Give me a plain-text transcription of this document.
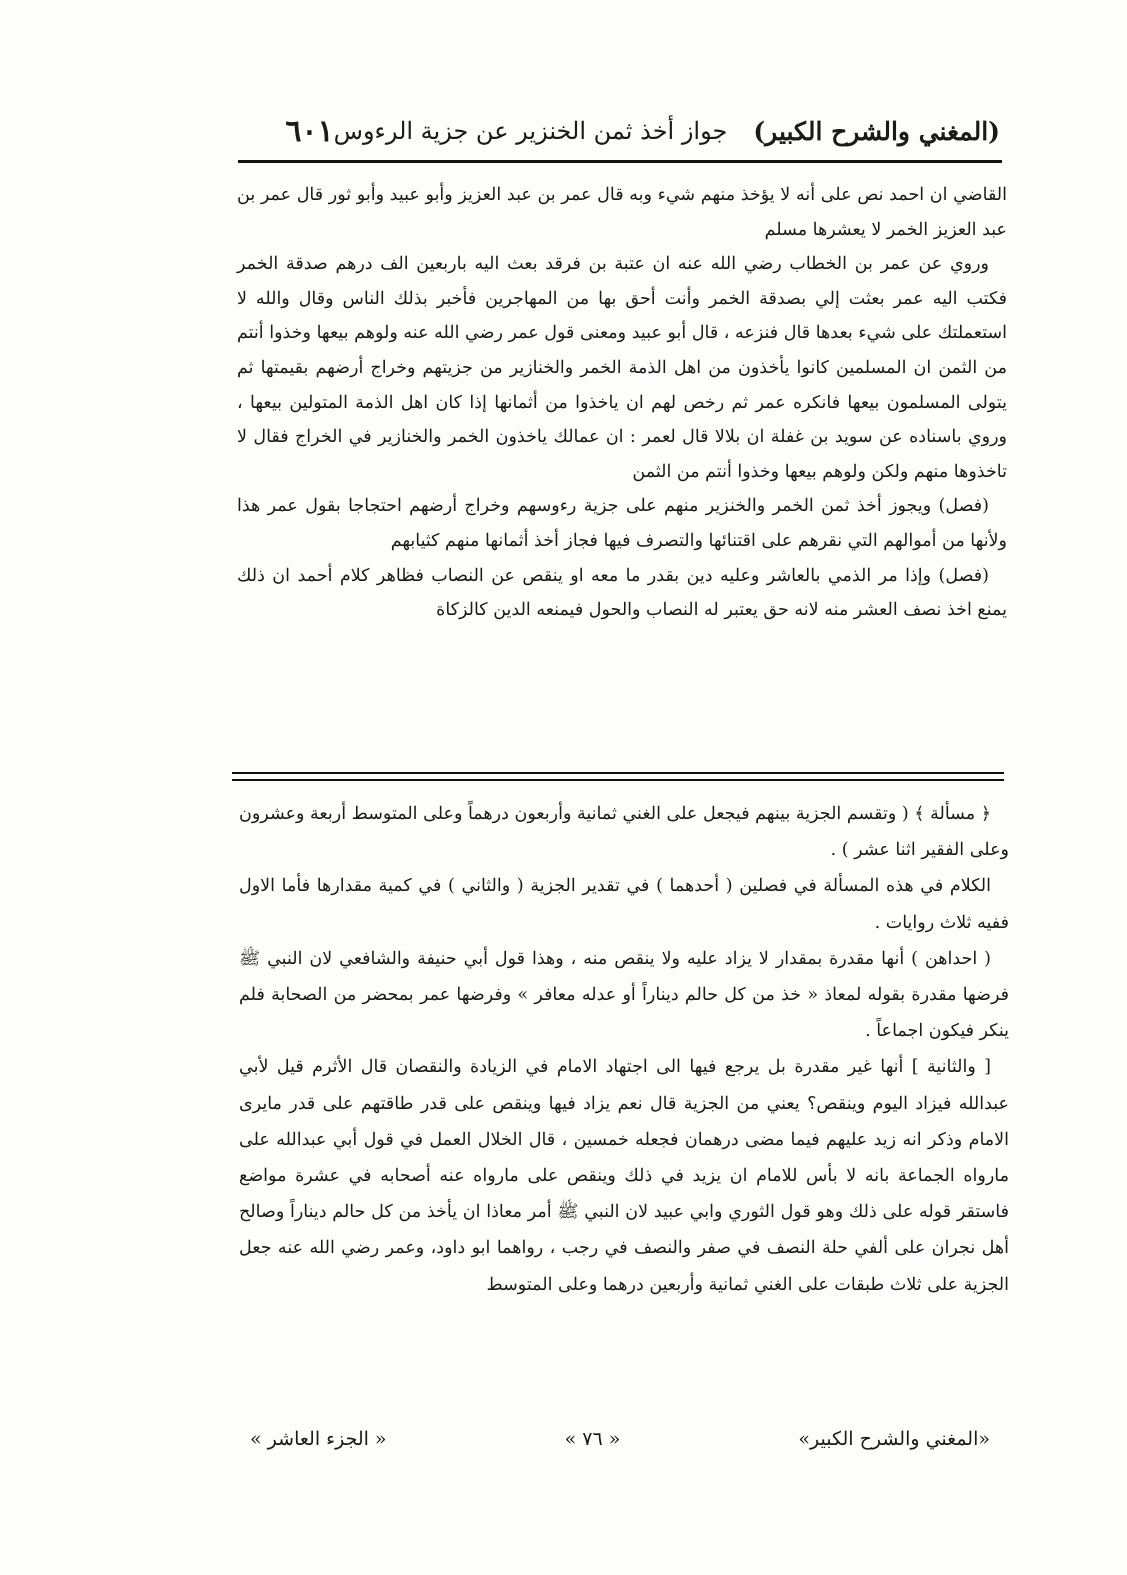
(المغني والشرح الكبير)
جواز أخذ ثمن الخنزير عن جزية الرءوس
٦٠١

القاضي ان احمد نص على أنه لا يؤخذ منهم شيء وبه قال عمر بن عبد العزيز وأبو عبيد وأبو ثور قال عمر بن عبد العزيز الخمر لا يعشرها مسلم

وروي عن عمر بن الخطاب رضي الله عنه ان عتبة بن فرقد بعث اليه باربعين الف درهم صدقة الخمر فكتب اليه عمر بعثت إلي بصدقة الخمر وأنت أحق بها من المهاجرين فأخبر بذلك الناس وقال والله لا استعملتك على شيء بعدها قال فنزعه ، قال أبو عبيد ومعنى قول عمر رضي الله عنه ولوهم بيعها وخذوا أنتم من الثمن ان المسلمين كانوا يأخذون من اهل الذمة الخمر والخنازير من جزيتهم وخراج أرضهم بقيمتها ثم يتولى المسلمون بيعها فانكره عمر ثم رخص لهم ان ياخذوا من أثمانها إذا كان اهل الذمة المتولين بيعها ، وروي باسناده عن سويد بن غفلة ان بلالا قال لعمر : ان عمالك ياخذون الخمر والخنازير في الخراج فقال لا تاخذوها منهم ولكن ولوهم بيعها وخذوا أنتم من الثمن

(فصل) ويجوز أخذ ثمن الخمر والخنزير منهم على جزية رءوسهم وخراج أرضهم احتجاجا بقول عمر هذا ولأنها من أموالهم التي نقرهم على اقتنائها والتصرف فيها فجاز أخذ أثمانها منهم كثيابهم

(فصل) وإذا مر الذمي بالعاشر وعليه دين بقدر ما معه او ينقص عن النصاب فظاهر كلام أحمد ان ذلك يمنع اخذ نصف العشر منه لانه حق يعتبر له النصاب والحول فيمنعه الدين كالزكاة

﴿ مسألة ﴾ ( وتقسم الجزية بينهم فيجعل على الغني ثمانية وأربعون درهماً وعلى المتوسط أربعة وعشرون وعلى الفقير اثنا عشر ) .

الكلام في هذه المسألة في فصلين ( أحدهما ) في تقدير الجزية ( والثاني ) في كمية مقدارها فأما الاول ففيه ثلاث روايات .

( احداهن ) أنها مقدرة بمقدار لا يزاد عليه ولا ينقص منه ، وهذا قول أبي حنيفة والشافعي لان النبي ﷺ فرضها مقدرة بقوله لمعاذ « خذ من كل حالم ديناراً أو عدله معافر » وفرضها عمر بمحضر من الصحابة فلم ينكر فيكون اجماعاً .

[ والثانية ] أنها غير مقدرة بل يرجع فيها الى اجتهاد الامام في الزيادة والنقصان قال الأثرم قيل لأبي عبدالله فيزاد اليوم وينقص؟ يعني من الجزية قال نعم يزاد فيها وينقص على قدر طاقتهم على قدر مايرى الامام وذكر انه زيد عليهم فيما مضى درهمان فجعله خمسين ، قال الخلال العمل في قول أبي عبدالله على مارواه الجماعة بانه لا بأس للامام ان يزيد في ذلك وينقص على مارواه عنه أصحابه في عشرة مواضع فاستقر قوله على ذلك وهو قول الثوري وابي عبيد لان النبي ﷺ أمر معاذا ان يأخذ من كل حالم ديناراً وصالح أهل نجران على ألفي حلة النصف في صفر والنصف في رجب ، رواهما ابو داود، وعمر رضي الله عنه جعل الجزية على ثلاث طبقات على الغني ثمانية وأربعين درهما وعلى المتوسط

«المغني والشرح الكبير»
« ٧٦ »
« الجزء العاشر »
